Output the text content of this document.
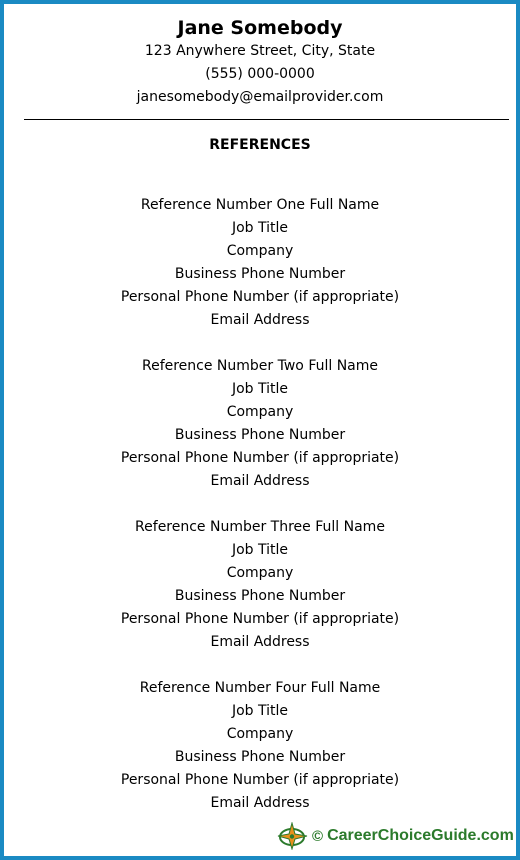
Jane Somebody
123 Anywhere Street, City, State
(555) 000-0000
janesomebody@emailprovider.com
REFERENCES
Reference Number One Full Name
Job Title
Company
Business Phone Number
Personal Phone Number (if appropriate)
Email Address
Reference Number Two Full Name
Job Title
Company
Business Phone Number
Personal Phone Number (if appropriate)
Email Address
Reference Number Three Full Name
Job Title
Company
Business Phone Number
Personal Phone Number (if appropriate)
Email Address
Reference Number Four Full Name
Job Title
Company
Business Phone Number
Personal Phone Number (if appropriate)
Email Address
© CareerChoiceGuide.com
